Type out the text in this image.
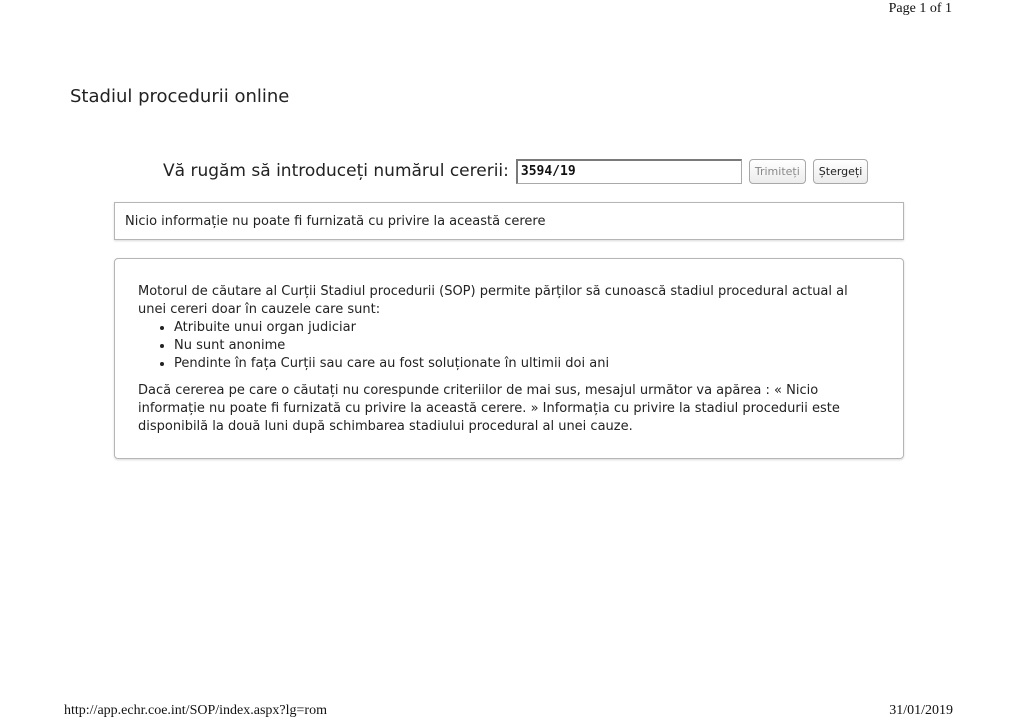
Page 1 of 1
Stadiul procedurii online
Vă rugăm să introduceți numărul cererii:
3594/19	Trimiteți	Ștergeți
Nicio informație nu poate fi furnizată cu privire la această cerere

Motorul de căutare al Curții Stadiul procedurii (SOP) permite părților să cunoască stadiul procedural actual al unei cereri doar în cauzele care sunt:

• Atribuite unui organ judiciar
• Nu sunt anonime
• Pendinte în fața Curții sau care au fost soluționate în ultimii doi ani

Dacă cererea pe care o căutați nu corespunde criteriilor de mai sus, mesajul următor va apărea : « Nicio informație nu poate fi furnizată cu privire la această cerere. » Informația cu privire la stadiul procedurii este disponibilă la două luni după schimbarea stadiului procedural al unei cauze.

http://app.echr.coe.int/SOP/index.aspx?lg=rom	31/01/2019
